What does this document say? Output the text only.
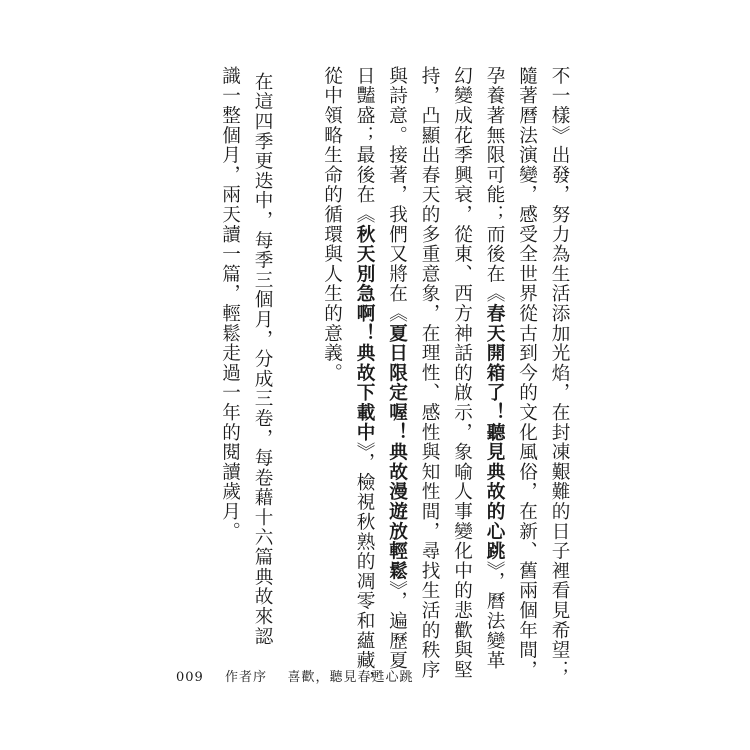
不一樣》出發，努力為生活添加光焰，在封凍艱難的日子裡看見希望；
隨著曆法演變，感受全世界從古到今的文化風俗，在新、舊兩個年間，
孕養著無限可能；而後在《春天開箱了！聽見典故的心跳》，曆法變革
幻變成花季興衰，從東、西方神話的啟示，象喻人事變化中的悲歡與堅
持，凸顯出春天的多重意象，在理性、感性與知性間，尋找生活的秩序
與詩意。接著，我們又將在《夏日限定喔！典故漫遊放輕鬆》，遍歷夏
日豔盛；最後在《秋天別急啊！典故下載中》，檢視秋熟的凋零和蘊藏，
從中領略生命的循環與人生的意義。
在這四季更迭中，每季三個月，分成三卷，每卷藉十六篇典故來認
識一整個月，兩天讀一篇，輕鬆走過一年的閱讀歲月。
009 作者序 喜歡，聽見春甦心跳
